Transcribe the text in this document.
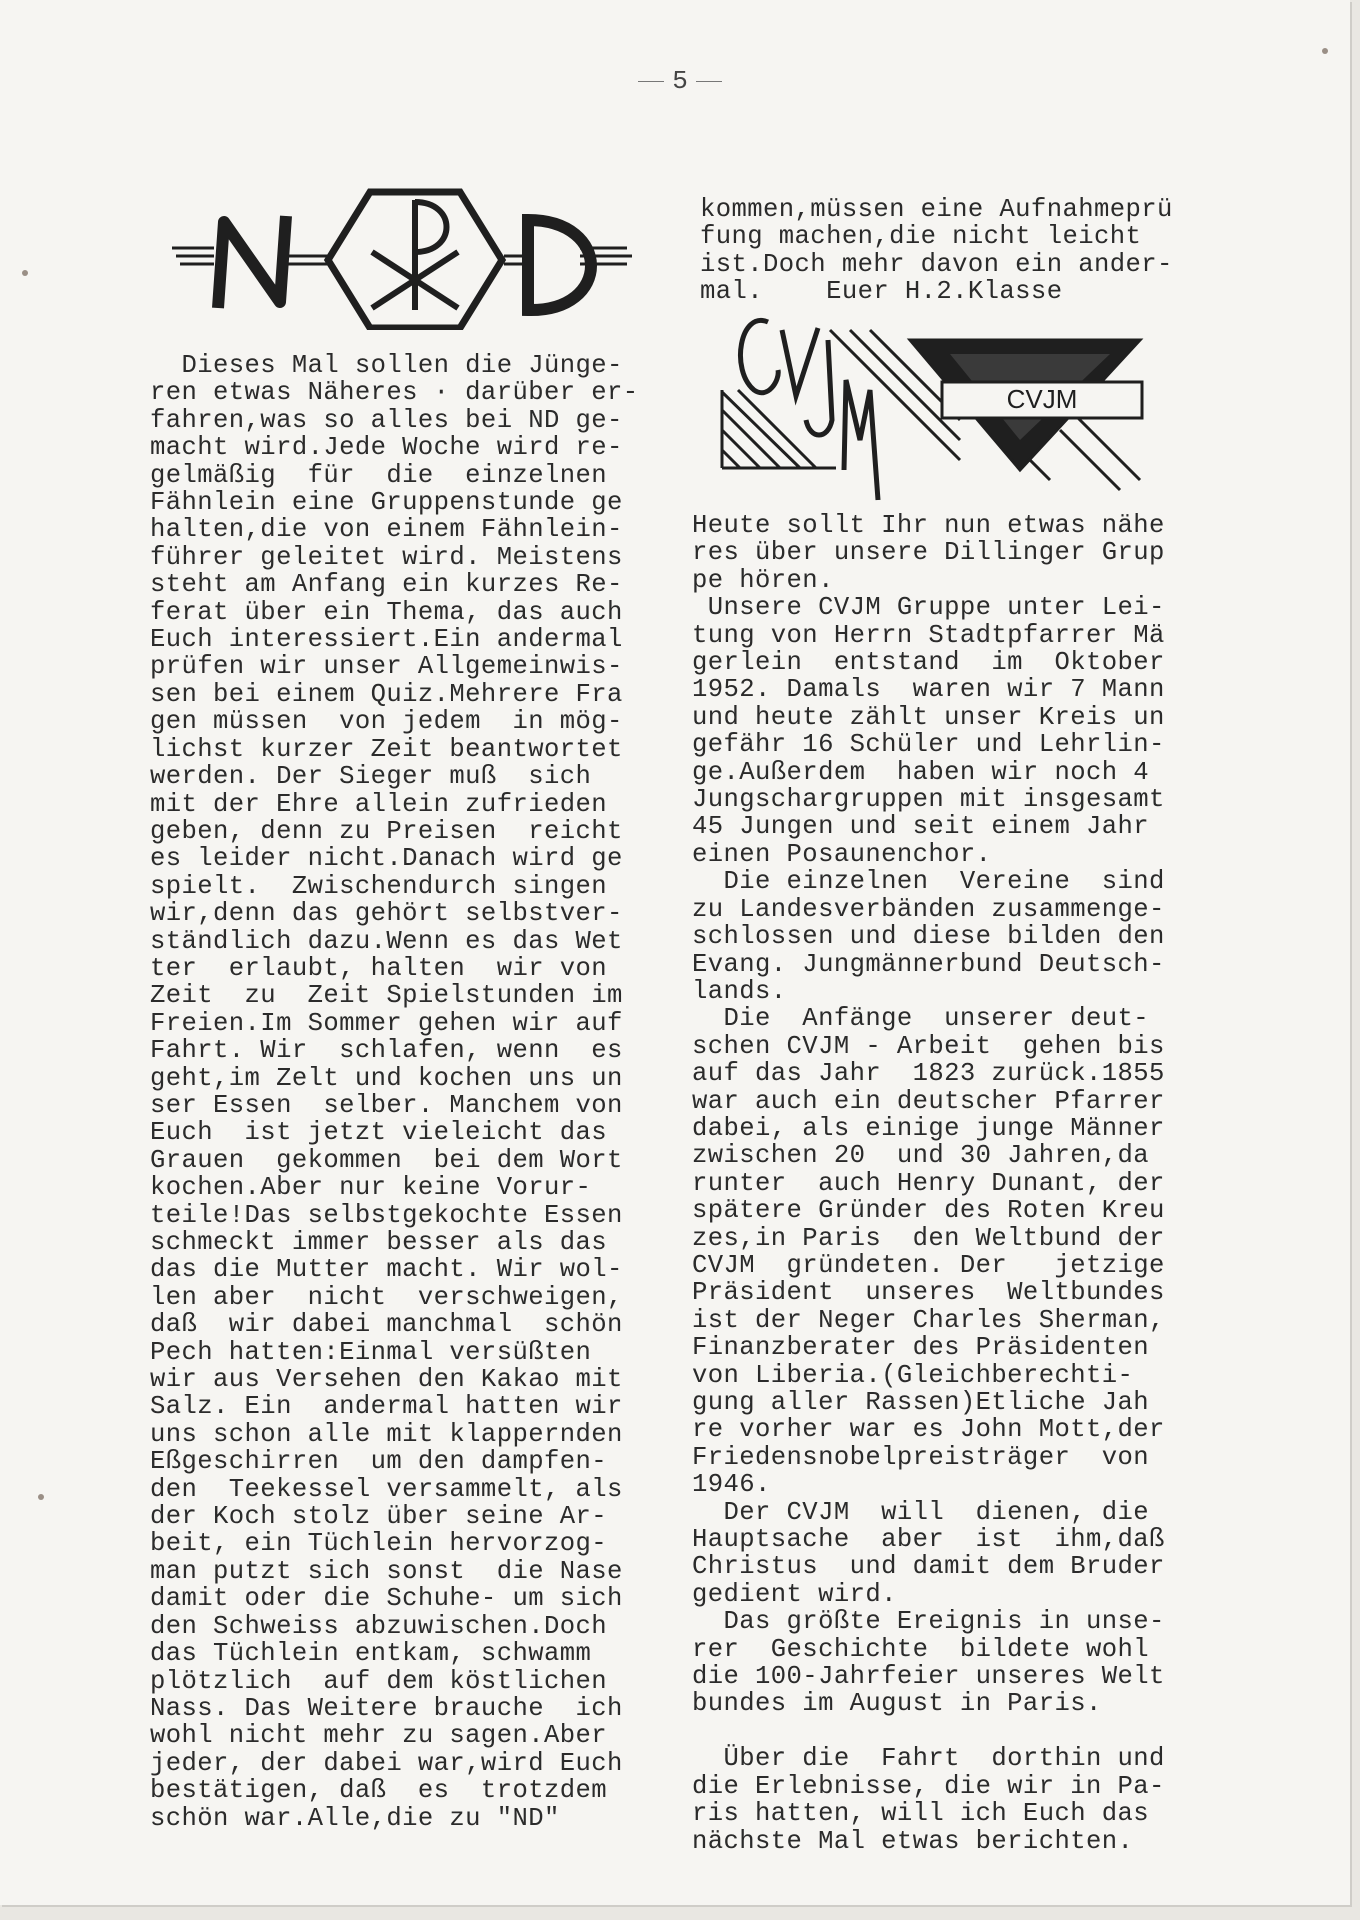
5
kommen,müssen eine Aufnahmeprü
fung machen,die nicht leicht
ist.Doch mehr davon ein ander-
mal.    Euer H.2.Klasse
CVJM
Dieses Mal sollen die Jünge-
ren etwas Näheres · darüber er-
fahren,was so alles bei ND ge-
macht wird.Jede Woche wird re-
gelmäßig  für  die  einzelnen
Fähnlein eine Gruppenstunde ge
halten,die von einem Fähnlein-
führer geleitet wird. Meistens
steht am Anfang ein kurzes Re-
ferat über ein Thema, das auch
Euch interessiert.Ein andermal
prüfen wir unser Allgemeinwis-
sen bei einem Quiz.Mehrere Fra
gen müssen  von jedem  in mög-
lichst kurzer Zeit beantwortet
werden. Der Sieger muß  sich
mit der Ehre allein zufrieden
geben, denn zu Preisen  reicht
es leider nicht.Danach wird ge
spielt.  Zwischendurch singen
wir,denn das gehört selbstver-
ständlich dazu.Wenn es das Wet
ter  erlaubt, halten  wir von
Zeit  zu  Zeit Spielstunden im
Freien.Im Sommer gehen wir auf
Fahrt. Wir  schlafen, wenn  es
geht,im Zelt und kochen uns un
ser Essen  selber. Manchem von
Euch  ist jetzt vieleicht das
Grauen  gekommen  bei dem Wort
kochen.Aber nur keine Vorur-
teile!Das selbstgekochte Essen
schmeckt immer besser als das
das die Mutter macht. Wir wol-
len aber  nicht  verschweigen,
daß  wir dabei manchmal  schön
Pech hatten:Einmal versüßten
wir aus Versehen den Kakao mit
Salz. Ein  andermal hatten wir
uns schon alle mit klappernden
Eßgeschirren  um den dampfen-
den  Teekessel versammelt, als
der Koch stolz über seine Ar-
beit, ein Tüchlein hervorzog-
man putzt sich sonst  die Nase
damit oder die Schuhe- um sich
den Schweiss abzuwischen.Doch
das Tüchlein entkam, schwamm
plötzlich  auf dem köstlichen
Nass. Das Weitere brauche  ich
wohl nicht mehr zu sagen.Aber
jeder, der dabei war,wird Euch
bestätigen, daß  es  trotzdem
schön war.Alle,die zu "ND"
Heute sollt Ihr nun etwas nähe
res über unsere Dillinger Grup
pe hören.
Unsere CVJM Gruppe unter Lei-
tung von Herrn Stadtpfarrer Mä
gerlein  entstand  im  Oktober
1952. Damals  waren wir 7 Mann
und heute zählt unser Kreis un
gefähr 16 Schüler und Lehrlin-
ge.Außerdem  haben wir noch 4
Jungschargruppen mit insgesamt
45 Jungen und seit einem Jahr
einen Posaunenchor.
Die einzelnen  Vereine  sind
zu Landesverbänden zusammenge-
schlossen und diese bilden den
Evang. Jungmännerbund Deutsch-
lands.
Die  Anfänge  unserer deut-
schen CVJM - Arbeit  gehen bis
auf das Jahr  1823 zurück.1855
war auch ein deutscher Pfarrer
dabei, als einige junge Männer
zwischen 20  und 30 Jahren,da
runter  auch Henry Dunant, der
spätere Gründer des Roten Kreu
zes,in Paris  den Weltbund der
CVJM  gründeten. Der   jetzige
Präsident  unseres  Weltbundes
ist der Neger Charles Sherman,
Finanzberater des Präsidenten
von Liberia.(Gleichberechti-
gung aller Rassen)Etliche Jah
re vorher war es John Mott,der
Friedensnobelpreisträger  von
1946.
Der CVJM  will  dienen, die
Hauptsache  aber  ist  ihm,daß
Christus  und damit dem Bruder
gedient wird.
Das größte Ereignis in unse-
rer  Geschichte  bildete wohl
die 100-Jahrfeier unseres Welt
bundes im August in Paris.

Über die  Fahrt  dorthin und
die Erlebnisse, die wir in Pa-
ris hatten, will ich Euch das
nächste Mal etwas berichten.
